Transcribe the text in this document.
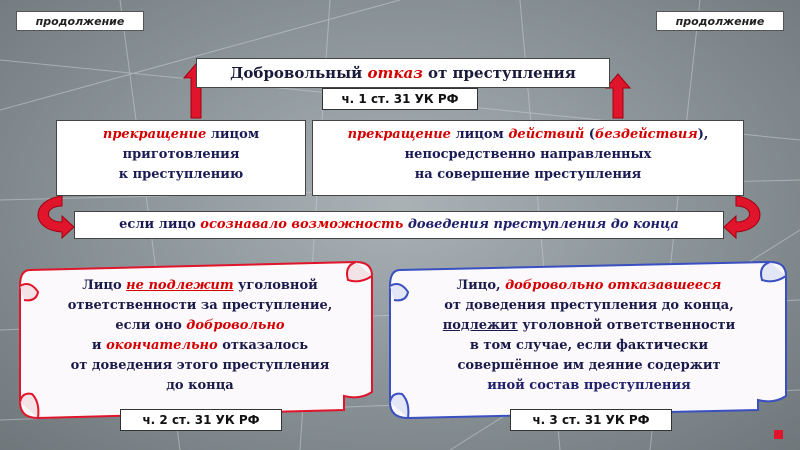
продолжение	продолжение
Добровольный отказ от преступления
ч. 1 ст. 31 УК РФ
прекращение лицом
приготовления
к преступлению
прекращение лицом действий (бездействия),
непосредственно направленных
на совершение преступления
если лицо осознавало возможность доведения преступления до конца
Лицо не подлежит уголовной
ответственности за преступление,
если оно добровольно
и окончательно отказалось
от доведения этого преступления
до конца
Лицо, добровольно отказавшееся
от доведения преступления до конца,
подлежит уголовной ответственности
в том случае, если фактически
совершённое им деяние содержит
иной состав преступления
ч. 2 ст. 31 УК РФ	ч. 3 ст. 31 УК РФ
